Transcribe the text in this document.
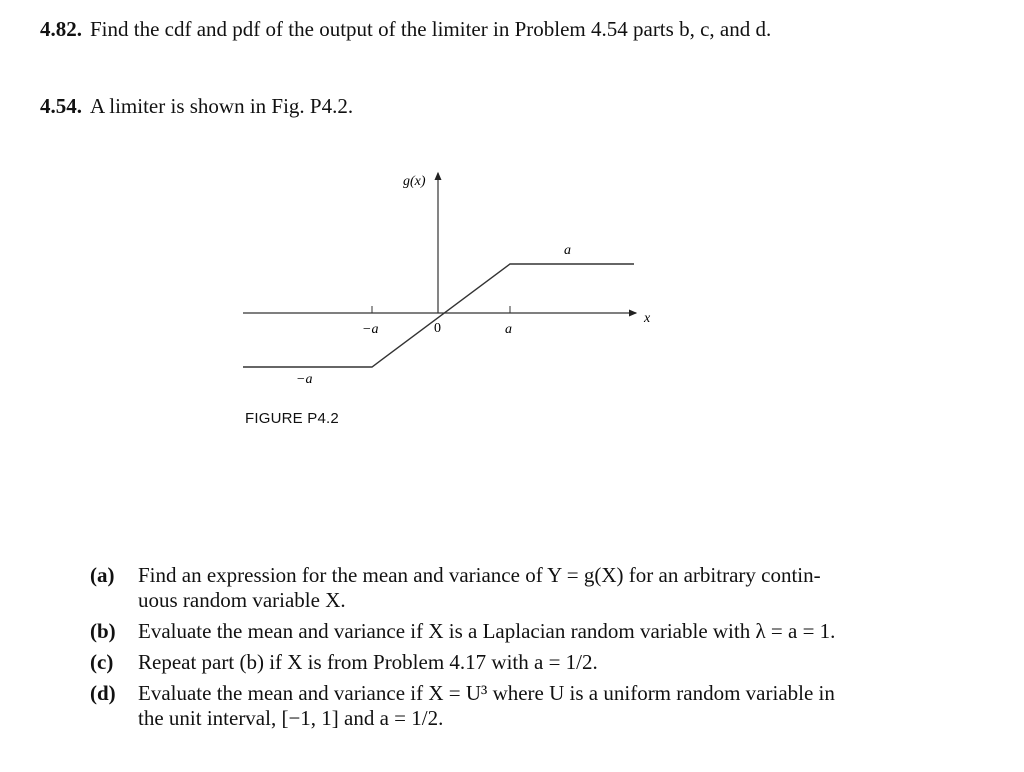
4.82. Find the cdf and pdf of the output of the limiter in Problem 4.54 parts b, c, and d.
4.54. A limiter is shown in Fig. P4.2.
g(x)
x
a
−a
−a	0	a
FIGURE P4.2
(a) Find an expression for the mean and variance of Y = g(X) for an arbitrary contin-
uous random variable X.
(b) Evaluate the mean and variance if X is a Laplacian random variable with λ = a = 1.
(c) Repeat part (b) if X is from Problem 4.17 with a = 1/2.
(d) Evaluate the mean and variance if X = U³ where U is a uniform random variable in
the unit interval, [−1, 1] and a = 1/2.
